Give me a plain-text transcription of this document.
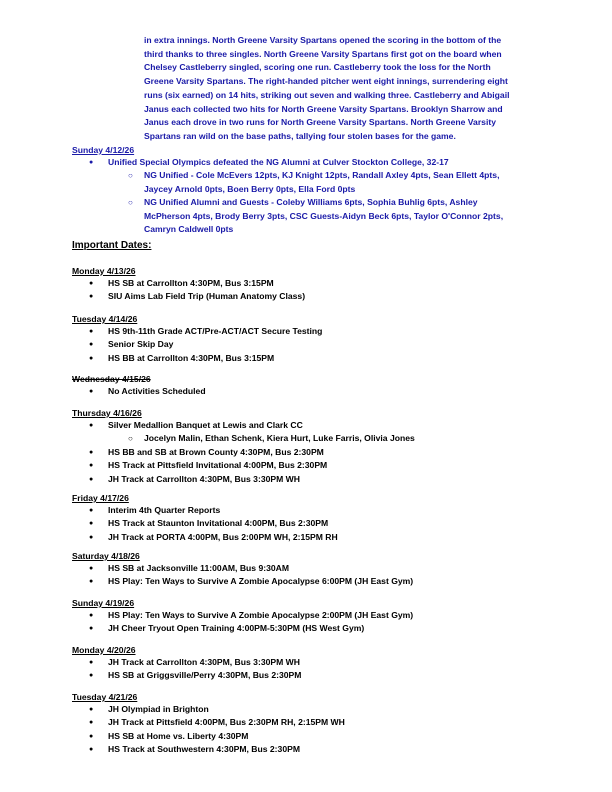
in extra innings. North Greene Varsity Spartans opened the scoring in the bottom of the
third thanks to three singles. North Greene Varsity Spartans first got on the board when
Chelsey Castleberry singled, scoring one run. Castleberry took the loss for the North
Greene Varsity Spartans. The right-handed pitcher went eight innings, surrendering eight
runs (six earned) on 14 hits, striking out seven and walking three. Castleberry and Abigail
Janus each collected two hits for North Greene Varsity Spartans. Brooklyn Sharrow and
Janus each drove in two runs for North Greene Varsity Spartans. North Greene Varsity
Spartans ran wild on the base paths, tallying four stolen bases for the game.
Sunday 4/12/26
● Unified Special Olympics defeated the NG Alumni at Culver Stockton College, 32-17
○ NG Unified - Cole McEvers 12pts, KJ Knight 12pts, Randall Axley 4pts, Sean Ellett 4pts,
Jaycey Arnold 0pts, Boen Berry 0pts, Ella Ford 0pts
○ NG Unified Alumni and Guests - Coleby Williams 6pts, Sophia Buhlig 6pts, Ashley
McPherson 4pts, Brody Berry 3pts, CSC Guests-Aidyn Beck 6pts, Taylor O'Connor 2pts,
Camryn Caldwell 0pts
Important Dates:
Monday 4/13/26
● HS SB at Carrollton 4:30PM, Bus 3:15PM
● SIU Aims Lab Field Trip (Human Anatomy Class)
Tuesday 4/14/26
● HS 9th-11th Grade ACT/Pre-ACT/ACT Secure Testing
● Senior Skip Day
● HS BB at Carrollton 4:30PM, Bus 3:15PM
Wednesday 4/15/26
● No Activities Scheduled
Thursday 4/16/26
● Silver Medallion Banquet at Lewis and Clark CC
○ Jocelyn Malin, Ethan Schenk, Kiera Hurt, Luke Farris, Olivia Jones
● HS BB and SB at Brown County 4:30PM, Bus 2:30PM
● HS Track at Pittsfield Invitational 4:00PM, Bus 2:30PM
● JH Track at Carrollton 4:30PM, Bus 3:30PM WH
Friday 4/17/26
● Interim 4th Quarter Reports
● HS Track at Staunton Invitational 4:00PM, Bus 2:30PM
● JH Track at PORTA 4:00PM, Bus 2:00PM WH, 2:15PM RH
Saturday 4/18/26
● HS SB at Jacksonville 11:00AM, Bus 9:30AM
● HS Play: Ten Ways to Survive A Zombie Apocalypse 6:00PM (JH East Gym)
Sunday 4/19/26
● HS Play: Ten Ways to Survive A Zombie Apocalypse 2:00PM (JH East Gym)
● JH Cheer Tryout Open Training 4:00PM-5:30PM (HS West Gym)
Monday 4/20/26
● JH Track at Carrollton 4:30PM, Bus 3:30PM WH
● HS SB at Griggsville/Perry 4:30PM, Bus 2:30PM
Tuesday 4/21/26
● JH Olympiad in Brighton
● JH Track at Pittsfield 4:00PM, Bus 2:30PM RH, 2:15PM WH
● HS SB at Home vs. Liberty 4:30PM
● HS Track at Southwestern 4:30PM, Bus 2:30PM
